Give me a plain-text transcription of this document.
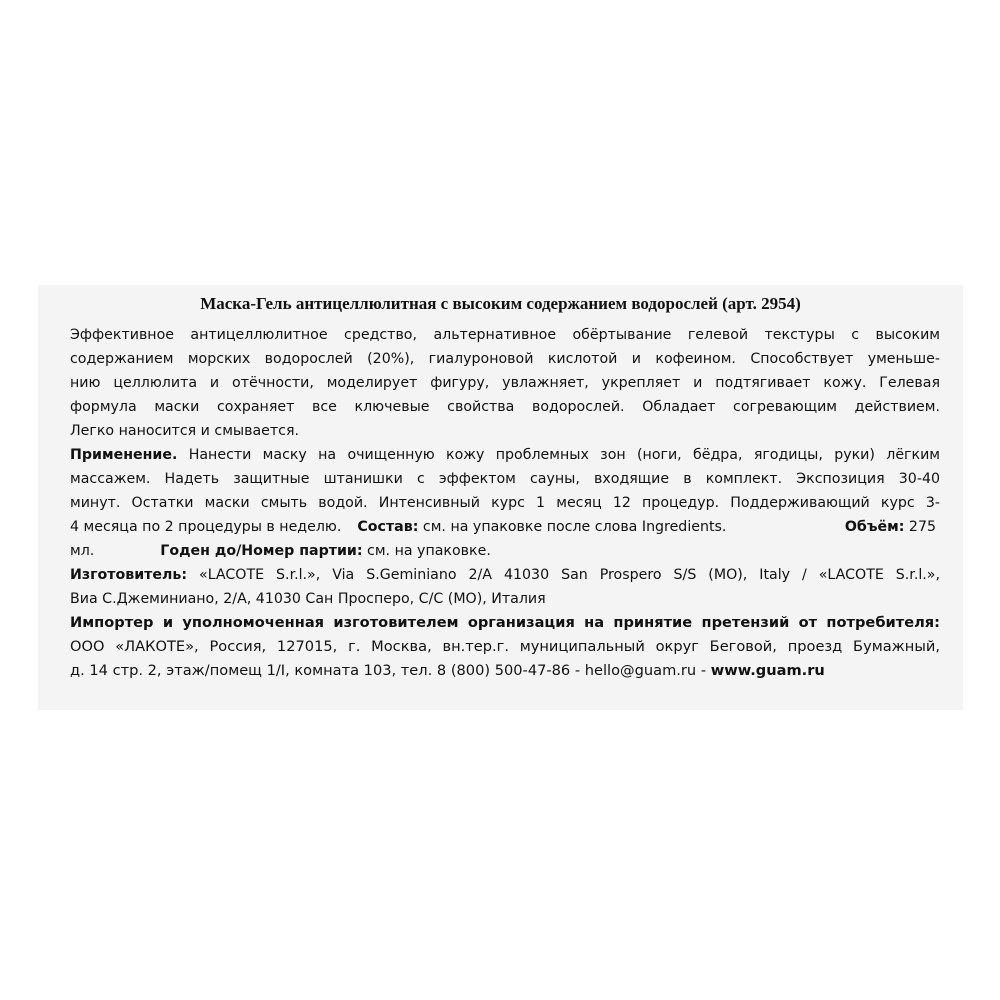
Маска-Гель антицеллюлитная с высоким содержанием водорослей (арт. 2954)
Эффективное антицеллюлитное средство, альтернативное обёртывание гелевой текстуры с высоким
содержанием морских водорослей (20%), гиалуроновой кислотой и кофеином. Способствует уменьше-
нию целлюлита и отёчности, моделирует фигуру, увлажняет, укрепляет и подтягивает кожу. Гелевая
формула маски сохраняет все ключевые свойства водорослей. Обладает согревающим действием.
Легко наносится и смывается.
Применение. Нанести маску на очищенную кожу проблемных зон (ноги, бёдра, ягодицы, руки) лёгким
массажем. Надеть защитные штанишки с эффектом сауны, входящие в комплект. Экспозиция 30-40
минут. Остатки маски смыть водой. Интенсивный курс 1 месяц 12 процедур. Поддерживающий курс 3-
4 месяца по 2 процедуры в неделю. Состав: см. на упаковке после слова Ingredients.	Объём: 275
мл.	Годен до/Номер партии: см. на упаковке.
Изготовитель: «LACOTE S.r.l.», Via S.Geminiano 2/A 41030 San Prospero S/S (MO), Italy / «LACOTE S.r.l.»,
Виа С.Джеминиано, 2/А, 41030 Сан Просперо, С/С (МО), Италия
Импортер и уполномоченная изготовителем организация на принятие претензий от потребителя:
ООО «ЛАКОТЕ», Россия, 127015, г. Москва, вн.тер.г. муниципальный округ Беговой, проезд Бумажный,
д. 14 стр. 2, этаж/помещ 1/I, комната 103, тел. 8 (800) 500-47-86 - hello@guam.ru - www.guam.ru
